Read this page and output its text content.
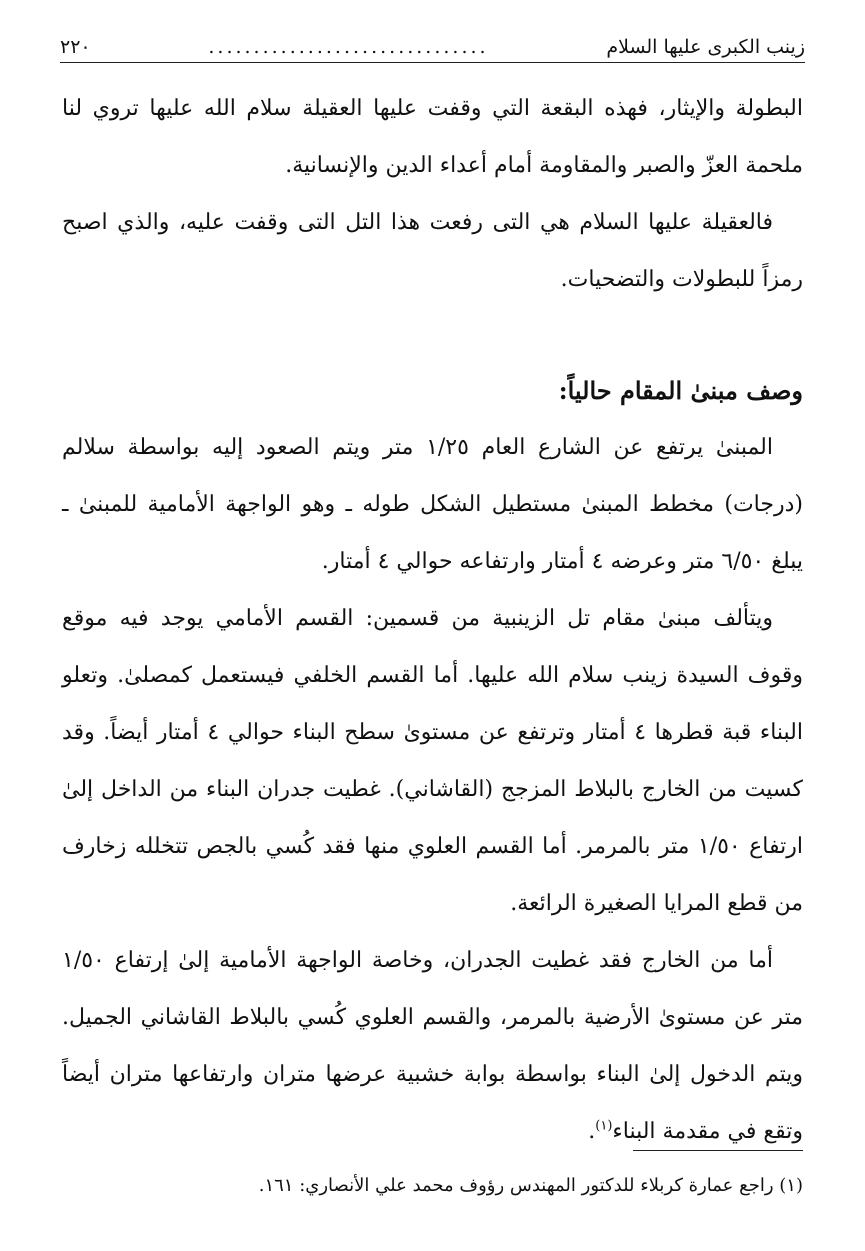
زينب الكبرى عليها السلام
...............................
٢٢٠

البطولة والإيثار، فهذه البقعة التي وقفت عليها العقيلة سلام الله عليها تروي لنا ملحمة العزّ والصبر والمقاومة أمام أعداء الدين والإنسانية.

فالعقيلة عليها السلام هي التى رفعت هذا التل التى وقفت عليه، والذي اصبح رمزاً للبطولات والتضحيات.

وصف مبنىٰ المقام حالياً:

المبنىٰ يرتفع عن الشارع العام ١/٢٥ متر ويتم الصعود إليه بواسطة سلالم (درجات) مخطط المبنىٰ مستطيل الشكل طوله ـ وهو الواجهة الأمامية للمبنىٰ ـ يبلغ ٦/٥٠ متر وعرضه ٤ أمتار وارتفاعه حوالي ٤ أمتار.

ويتألف مبنىٰ مقام تل الزينبية من قسمين: القسم الأمامي يوجد فيه موقع وقوف السيدة زينب سلام الله عليها. أما القسم الخلفي فيستعمل كمصلىٰ. وتعلو البناء قبة قطرها ٤ أمتار وترتفع عن مستوىٰ سطح البناء حوالي ٤ أمتار أيضاً. وقد كسيت من الخارج بالبلاط المزجج (القاشاني). غطيت جدران البناء من الداخل إلىٰ ارتفاع ١/٥٠ متر بالمرمر. أما القسم العلوي منها فقد كُسي بالجص تتخلله زخارف من قطع المرايا الصغيرة الرائعة.

أما من الخارج فقد غطيت الجدران، وخاصة الواجهة الأمامية إلىٰ إرتفاع ١/٥٠ متر عن مستوىٰ الأرضية بالمرمر، والقسم العلوي كُسي بالبلاط القاشاني الجميل. ويتم الدخول إلىٰ البناء بواسطة بوابة خشبية عرضها متران وارتفاعها متران أيضاً وتقع في مقدمة البناء$^{(١)}$.

(١) راجع عمارة كربلاء للدكتور المهندس رؤوف محمد علي الأنصاري: ١٦١.
